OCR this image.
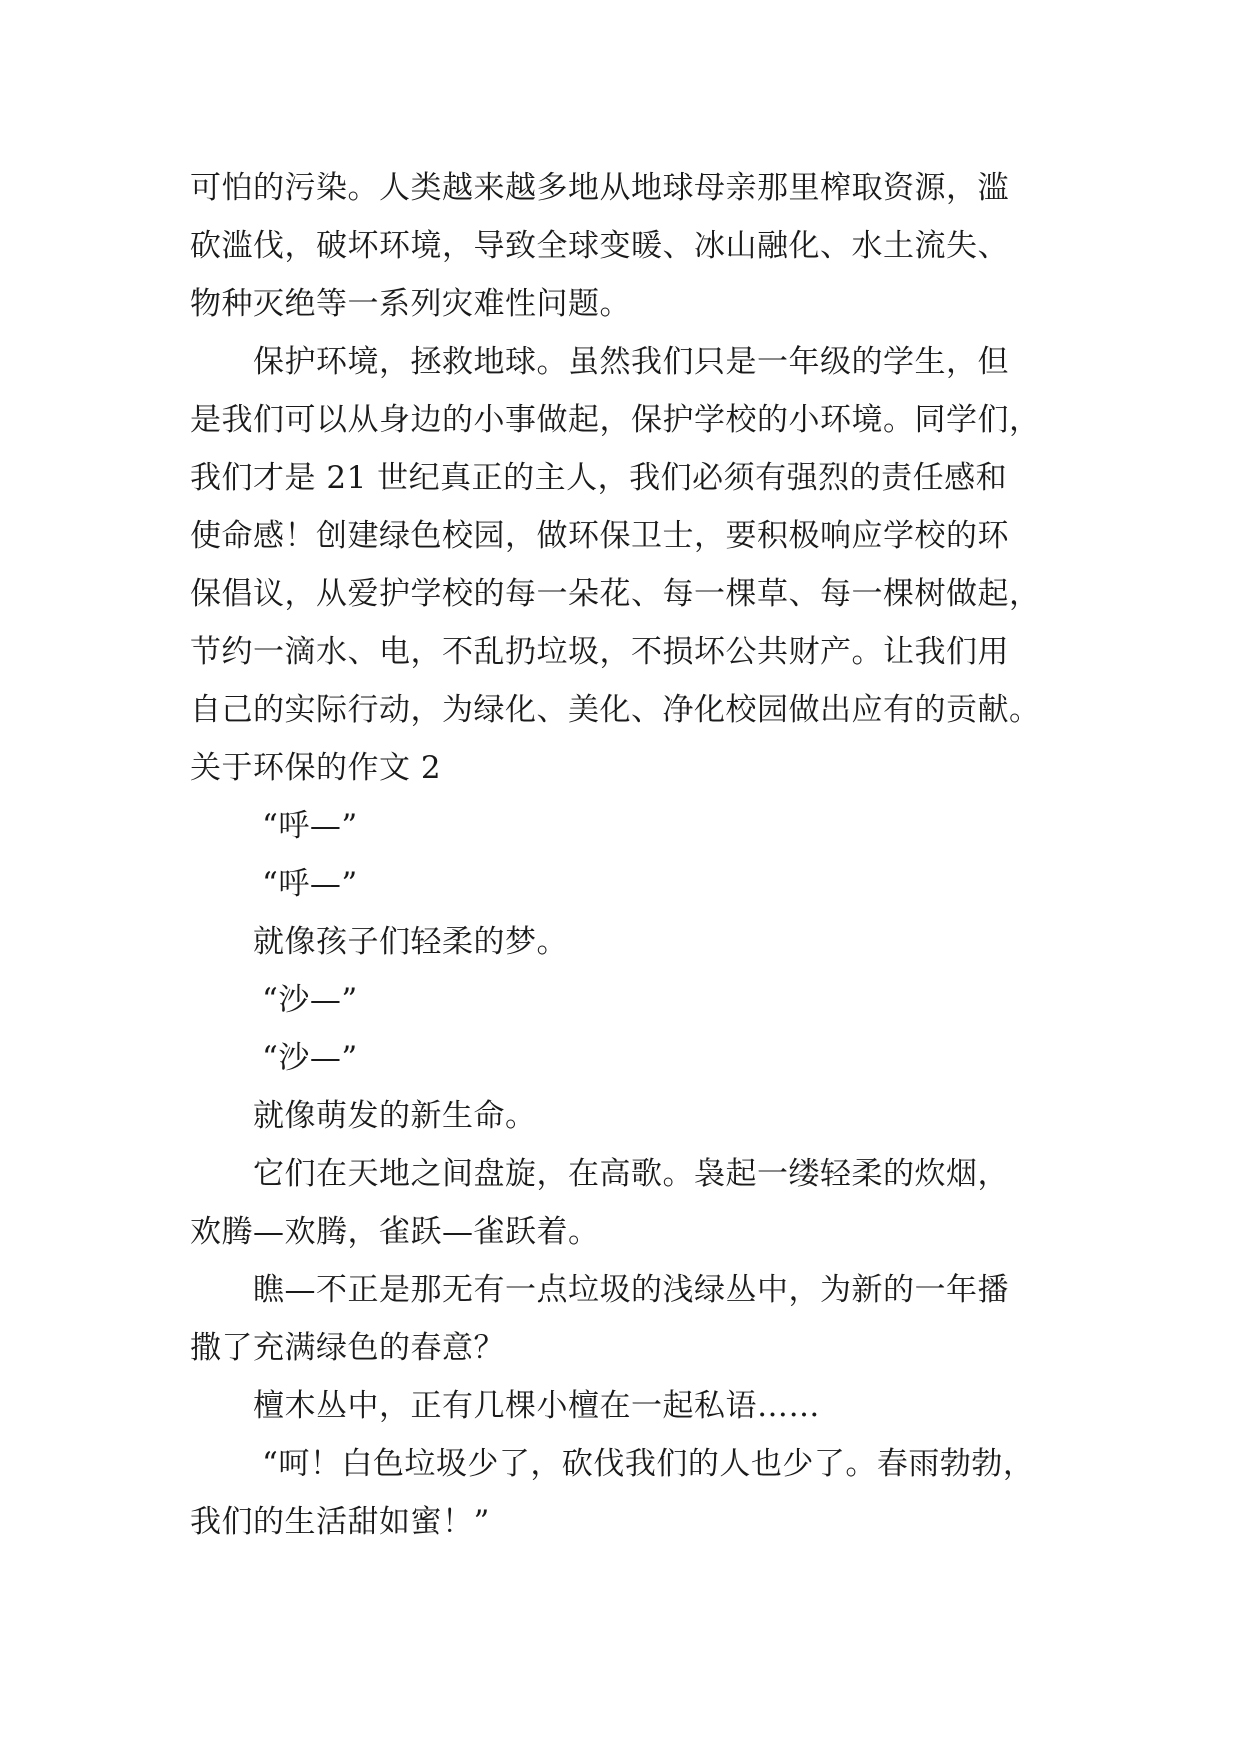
可怕的污染。人类越来越多地从地球母亲那里榨取资源，滥
砍滥伐，破坏环境，导致全球变暖、冰山融化、水土流失、
物种灭绝等一系列灾难性问题。
保护环境，拯救地球。虽然我们只是一年级的学生，但
是我们可以从身边的小事做起，保护学校的小环境。同学们，
我们才是 21 世纪真正的主人，我们必须有强烈的责任感和
使命感！创建绿色校园，做环保卫士，要积极响应学校的环
保倡议，从爱护学校的每一朵花、每一棵草、每一棵树做起，
节约一滴水、电，不乱扔垃圾，不损坏公共财产。让我们用
自己的实际行动，为绿化、美化、净化校园做出应有的贡献。
关于环保的作文 2
“呼—”
“呼—”
就像孩子们轻柔的梦。
“沙—”
“沙—”
就像萌发的新生命。
它们在天地之间盘旋，在高歌。袅起一缕轻柔的炊烟，
欢腾—欢腾，雀跃—雀跃着。
瞧—不正是那无有一点垃圾的浅绿丛中，为新的一年播
撒了充满绿色的春意？
檀木丛中，正有几棵小檀在一起私语……
“呵！白色垃圾少了，砍伐我们的人也少了。春雨勃勃，
我们的生活甜如蜜！”
